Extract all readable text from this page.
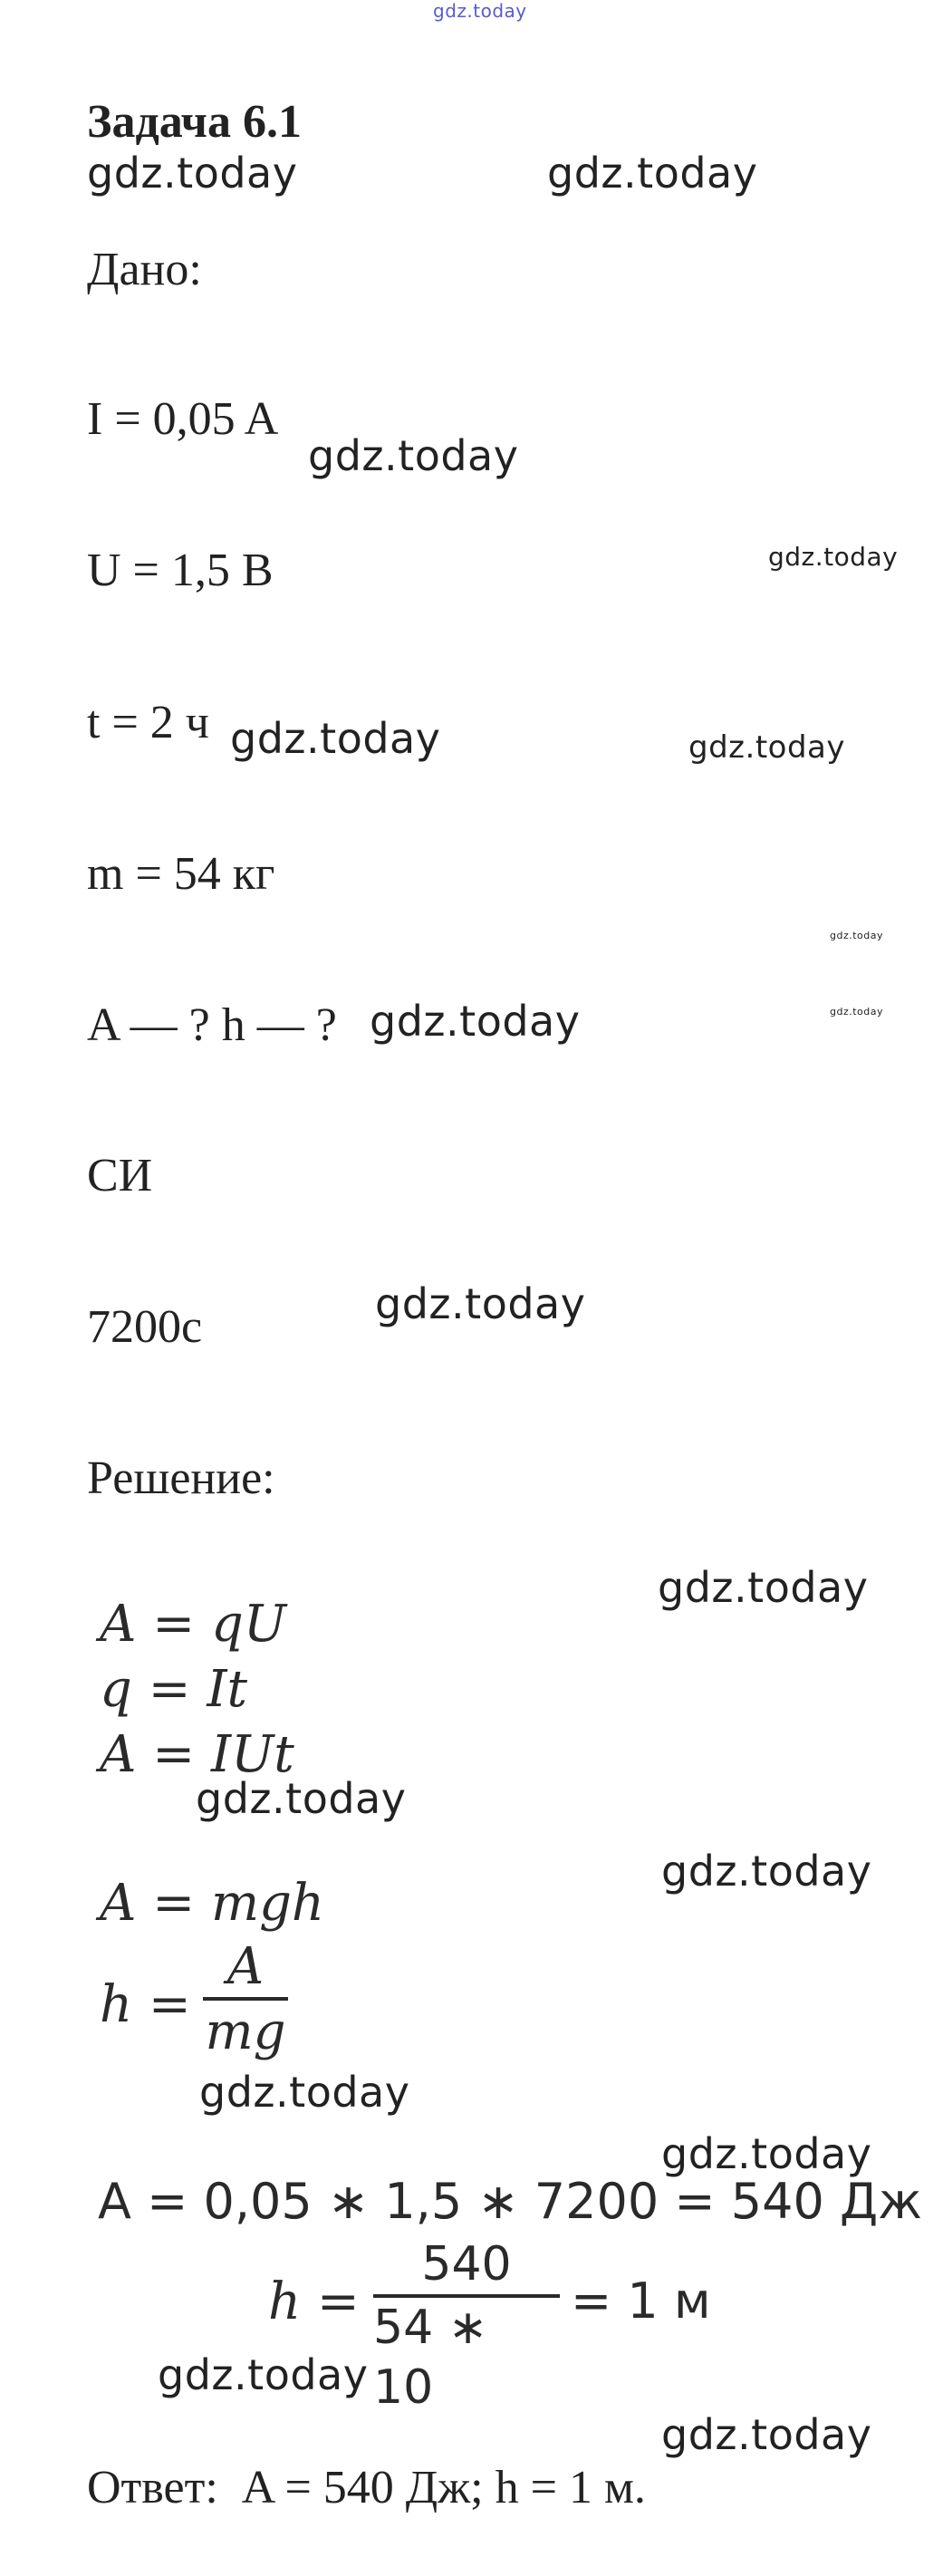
gdz.today
Задача 6.1
gdz.today	gdz.today
Дано:
I = 0,05 A
gdz.today
U = 1,5 B	gdz.today
t = 2 ч gdz.today	gdz.today
m = 54 кг
gdz.today
A — ? h — ? gdz.today	gdz.today
СИ
7200с	gdz.today
Решение:
gdz.today
A = qU
q = It
A = IUt
gdz.today
gdz.today
A = mgh
h =
A
mg
gdz.today
gdz.today
A = 0,05 ∗ 1,5 ∗ 7200 = 540 Дж
h =
540
54 ∗ 10
= 1 м
gdz.today
gdz.today
Ответ:  A = 540 Дж; h = 1 м.
